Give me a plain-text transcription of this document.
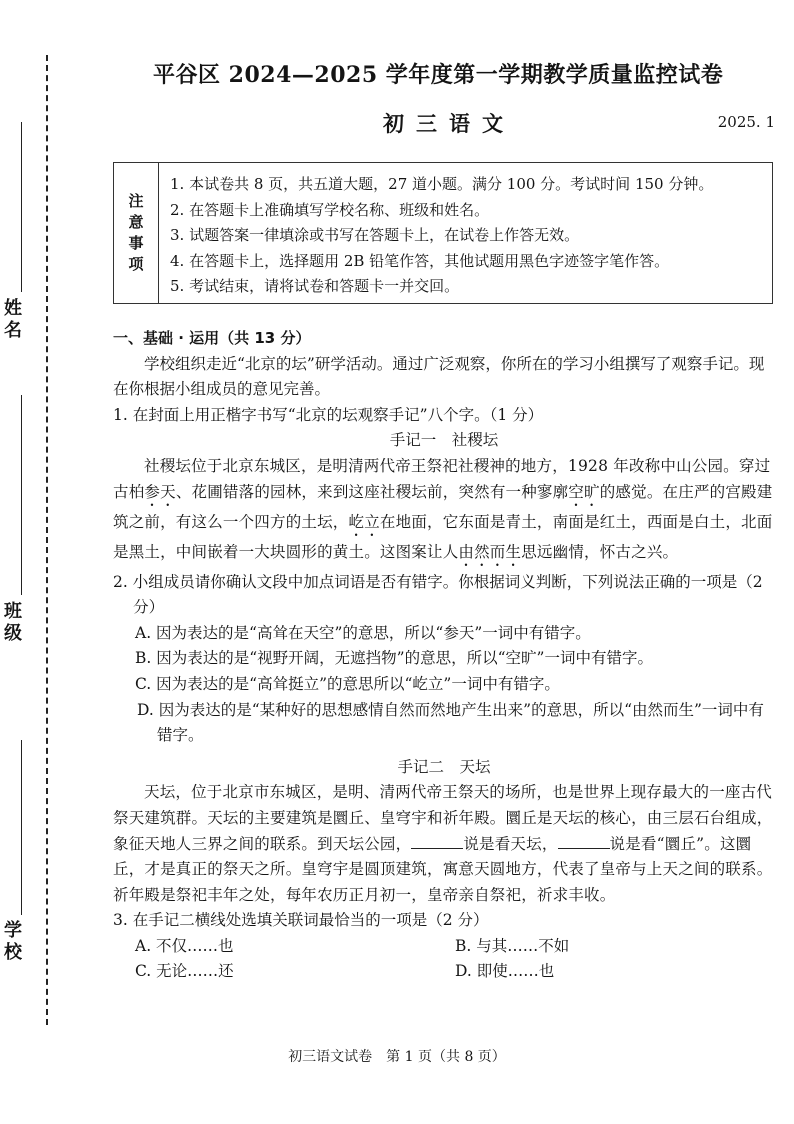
姓名
班级
学校
平谷区 2024—2025 学年度第一学期教学质量监控试卷
初三语文	2025. 1
注
意
事
项
1. 本试卷共 8 页，共五道大题，27 道小题。满分 100 分。考试时间 150 分钟。
2. 在答题卡上准确填写学校名称、班级和姓名。
3. 试题答案一律填涂或书写在答题卡上，在试卷上作答无效。
4. 在答题卡上，选择题用 2B 铅笔作答，其他试题用黑色字迹签字笔作答。
5. 考试结束，请将试卷和答题卡一并交回。

一、基础 · 运用（共 13 分）

学校组织走近“北京的坛”研学活动。通过广泛观察，你所在的学习小组撰写了观察手记。现在你根据小组成员的意见完善。

1. 在封面上用正楷字书写“北京的坛观察手记”八个字。（1 分）

手记一　社稷坛

社稷坛位于北京东城区，是明清两代帝王祭祀社稷神的地方，1928 年改称中山公园。穿过古柏参天、花圃错落的园林，来到这座社稷坛前，突然有一种寥廓空旷的感觉。在庄严的宫殿建筑之前，有这么一个四方的土坛，屹立在地面，它东面是青土，南面是红土，西面是白土，北面是黑土，中间嵌着一大块圆形的黄土。这图案让人由然而生思远幽情，怀古之兴。

2. 小组成员请你确认文段中加点词语是否有错字。你根据词义判断，下列说法正确的一项是（2 分）

A. 因为表达的是“高耸在天空”的意思，所以“参天”一词中有错字。

B. 因为表达的是“视野开阔，无遮挡物”的意思，所以“空旷”一词中有错字。

C. 因为表达的是“高耸挺立”的意思所以“屹立”一词中有错字。

D. 因为表达的是“某种好的思想感情自然而然地产生出来”的意思，所以“由然而生”一词中有错字。

手记二　天坛

天坛，位于北京市东城区，是明、清两代帝王祭天的场所，也是世界上现存最大的一座古代祭天建筑群。天坛的主要建筑是圜丘、皇穹宇和祈年殿。圜丘是天坛的核心，由三层石台组成，象征天地人三界之间的联系。到天坛公园，	说是看天坛，	说是看“圜丘”。这圜丘，才是真正的祭天之所。皇穹宇是圆顶建筑，寓意天圆地方，代表了皇帝与上天之间的联系。祈年殿是祭祀丰年之处，每年农历正月初一，皇帝亲自祭祀，祈求丰收。

3. 在手记二横线处选填关联词最恰当的一项是（2 分）

A. 不仅……也	B. 与其……不如
C. 无论……还	D. 即使……也
初三语文试卷　第 1 页（共 8 页）
